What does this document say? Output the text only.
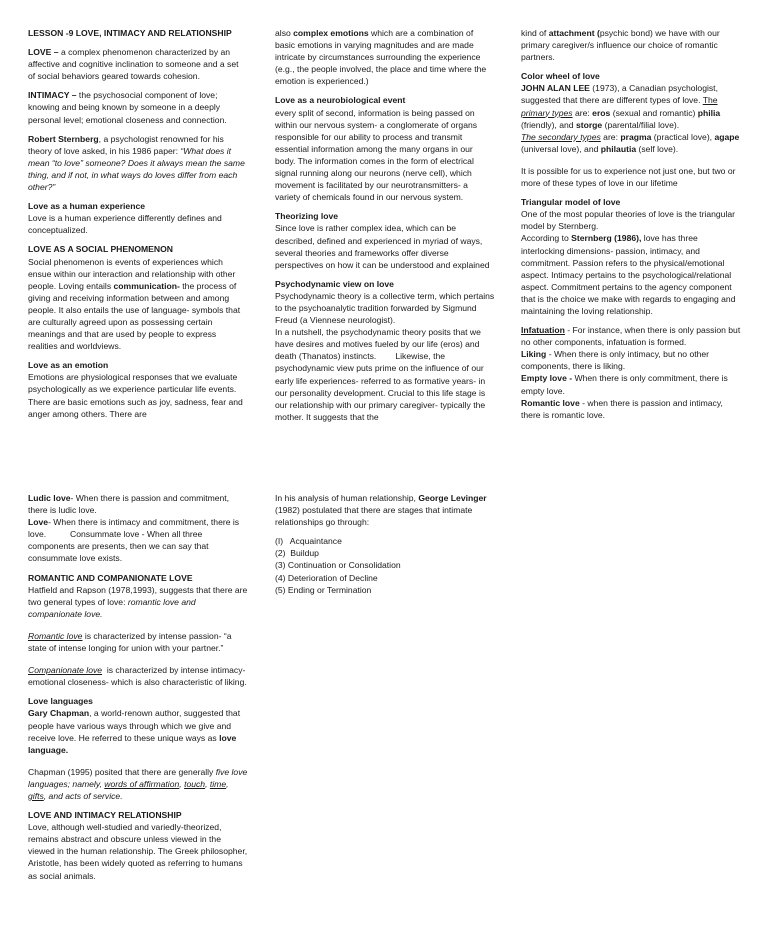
LESSON -9 LOVE, INTIMACY AND RELATIONSHIP

LOVE – a complex phenomenon characterized by an affective and cognitive inclination to someone and a set of social behaviors geared towards cohesion.

INTIMACY – the psychosocial component of love; knowing and being known by someone in a deeply personal level; emotional closeness and connection.

Robert Sternberg, a psychologist renowned for his theory of love asked, in his 1986 paper: “What does it mean “to love” someone? Does it always mean the same thing, and if not, in what ways do loves differ from each other?”

Love as a human experience

Love is a human experience differently defines and conceptualized.

LOVE AS A SOCIAL PHENOMENON

Social phenomenon is events of experiences which ensue within our interaction and relationship with other people. Loving entails communication- the process of giving and receiving information between and among people. It also entails the use of language- symbols that are culturally agreed upon as possessing certain meanings and that are used by people to express realities and worldviews.

Love as an emotion

Emotions are physiological responses that we evaluate psychologically as we experience particular life events. There are basic emotions such as joy, sadness, fear and anger among others. There are

also complex emotions which are a combination of basic emotions in varying magnitudes and are made intricate by circumstances surrounding the experience (e.g., the people involved, the place and time where the emotion is experienced.)

Love as a neurobiological event

every split of second, information is being passed on within our nervous system- a conglomerate of organs responsible for our ability to process and transmit essential information among the many organs in our body. The information comes in the form of electrical signal running along our neurons (nerve cell), which movement is facilitated by our neurotransmitters- a variety of chemicals found in our nervous system.

Theorizing love

Since love is rather complex idea, which can be described, defined and experienced in myriad of ways, several theories and frameworks offer diverse perspectives on how it can be understood and explained

Psychodynamic view on love

Psychodynamic theory is a collective term, which pertains to the psychoanalytic tradition forwarded by Sigmund Freud (a Viennese neurologist).

In a nutshell, the psychodynamic theory posits that we have desires and motives fueled by our life (eros) and death (Thanatos) instincts.        Likewise, the psychodynamic view puts prime on the influence of our early life experiences- referred to as formative years- in our personality development. Crucial to this life stage is our relationship with our primary caregiver- typically the mother. It suggests that the

kind of attachment (psychic bond) we have with our primary caregiver/s influence our choice of romantic partners.

Color wheel of love

JOHN ALAN LEE (1973), a Canadian psychologist, suggested that there are different types of love. The primary types are: eros (sexual and romantic) philia (friendly), and storge (parental/filial love).

The secondary types are: pragma (practical love), agape (universal love), and philautia (self love).

It is possible for us to experience not just one, but two or more of these types of love in our lifetime

Triangular model of love

One of the most popular theories of love is the triangular model by Sternberg.

According to Sternberg (1986), love has three interlocking dimensions- passion, intimacy, and commitment. Passion refers to the physical/emotional aspect. Intimacy pertains to the psychological/relational aspect. Commitment pertains to the agency component that is the choice we make with regards to engaging and maintaining the loving relationship.

Infatuation - For instance, when there is only passion but no other components, infatuation is formed.

Liking - When there is only intimacy, but no other components, there is liking.

Empty love - When there is only commitment, there is empty love.

Romantic love - when there is passion and intimacy, there is romantic love.

Ludic love- When there is passion and commitment, there is ludic love.

Love- When there is intimacy and commitment, there is love.          Consummate love - When all three components are presents, then we can say that consummate love exists.

ROMANTIC AND COMPANIONATE LOVE

Hatfield and Rapson (1978,1993), suggests that there are two general types of love: romantic love and companionate love.

Romantic love is characterized by intense passion- “a state of intense longing for union with your partner.”

Companionate love  is characterized by intense intimacy-emotional closeness- which is also characteristic of liking.

Love languages

Gary Chapman, a world-renown author, suggested that people have various ways through which we give and receive love. He referred to these unique ways as love language.

Chapman (1995) posited that there are generally five love languages; namely, words of affirmation, touch, time, gifts, and acts of service.

LOVE AND INTIMACY RELATIONSHIP

Love, although well-studied and variedly-theorized, remains abstract and obscure unless viewed in the viewed in the human relationship. The Greek philosopher, Aristotle, has been widely quoted as referring to humans as social animals.

In his analysis of human relationship, George Levinger (1982) postulated that there are stages that intimate relationships go through:

(I)   Acquaintance

(2)  Buildup

(3) Continuation or Consolidation

(4) Deterioration of Decline

(5) Ending or Termination
